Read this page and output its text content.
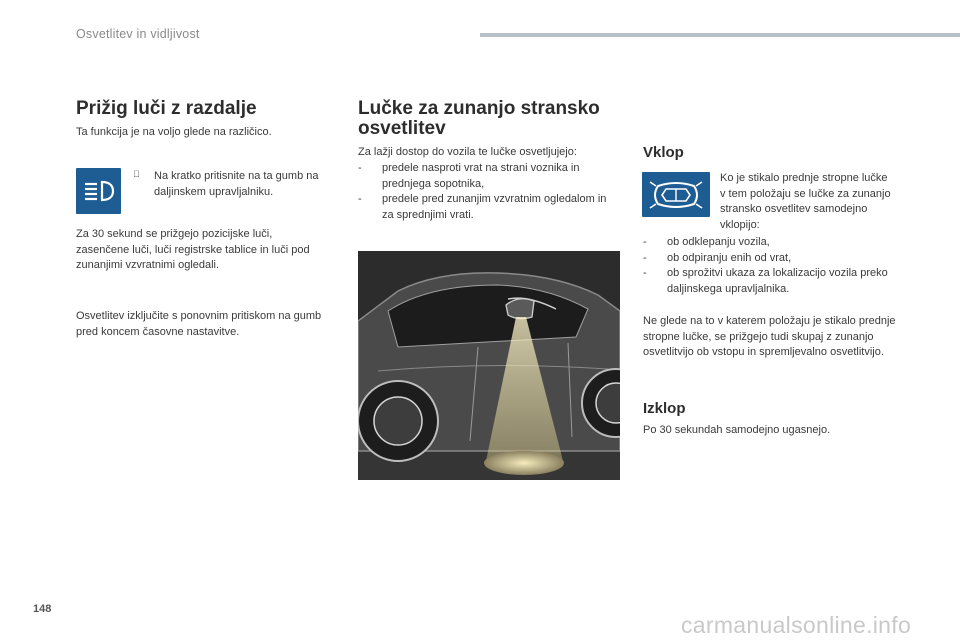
Osvetlitev in vidljivost
Prižig luči z razdalje

Ta funkcija je na voljo glede na različico.

Na kratko pritisnite na ta gumb na daljinskem upravljalniku.

Za 30 sekund se prižgejo pozicijske luči, zasenčene luči, luči registrske tablice in luči pod zunanjimi vzvratnimi ogledali.

Osvetlitev izključite s ponovnim pritiskom na gumb pred koncem časovne nastavitve.

Lučke za zunanjo stransko
osvetlitev

Za lažji dostop do vozila te lučke osvetljujejo:

- predele nasproti vrat na strani voznika in prednjega sopotnika,
- predele pred zunanjim vzvratnim ogledalom in za sprednjimi vrati.
Vklop

Ko je stikalo prednje stropne lučke v tem položaju se lučke za zunanjo stransko osvetlitev samodejno vklopijo:

- ob odklepanju vozila,
- ob odpiranju enih od vrat,
- ob sprožitvi ukaza za lokalizacijo vozila preko daljinskega upravljalnika.

Ne glede na to v katerem položaju je stikalo prednje stropne lučke, se prižgejo tudi skupaj z zunanjo osvetlitvijo ob vstopu in spremljevalno osvetlitvijo.

Izklop

Po 30 sekundah samodejno ugasnejo.

148
carmanualsonline.info
